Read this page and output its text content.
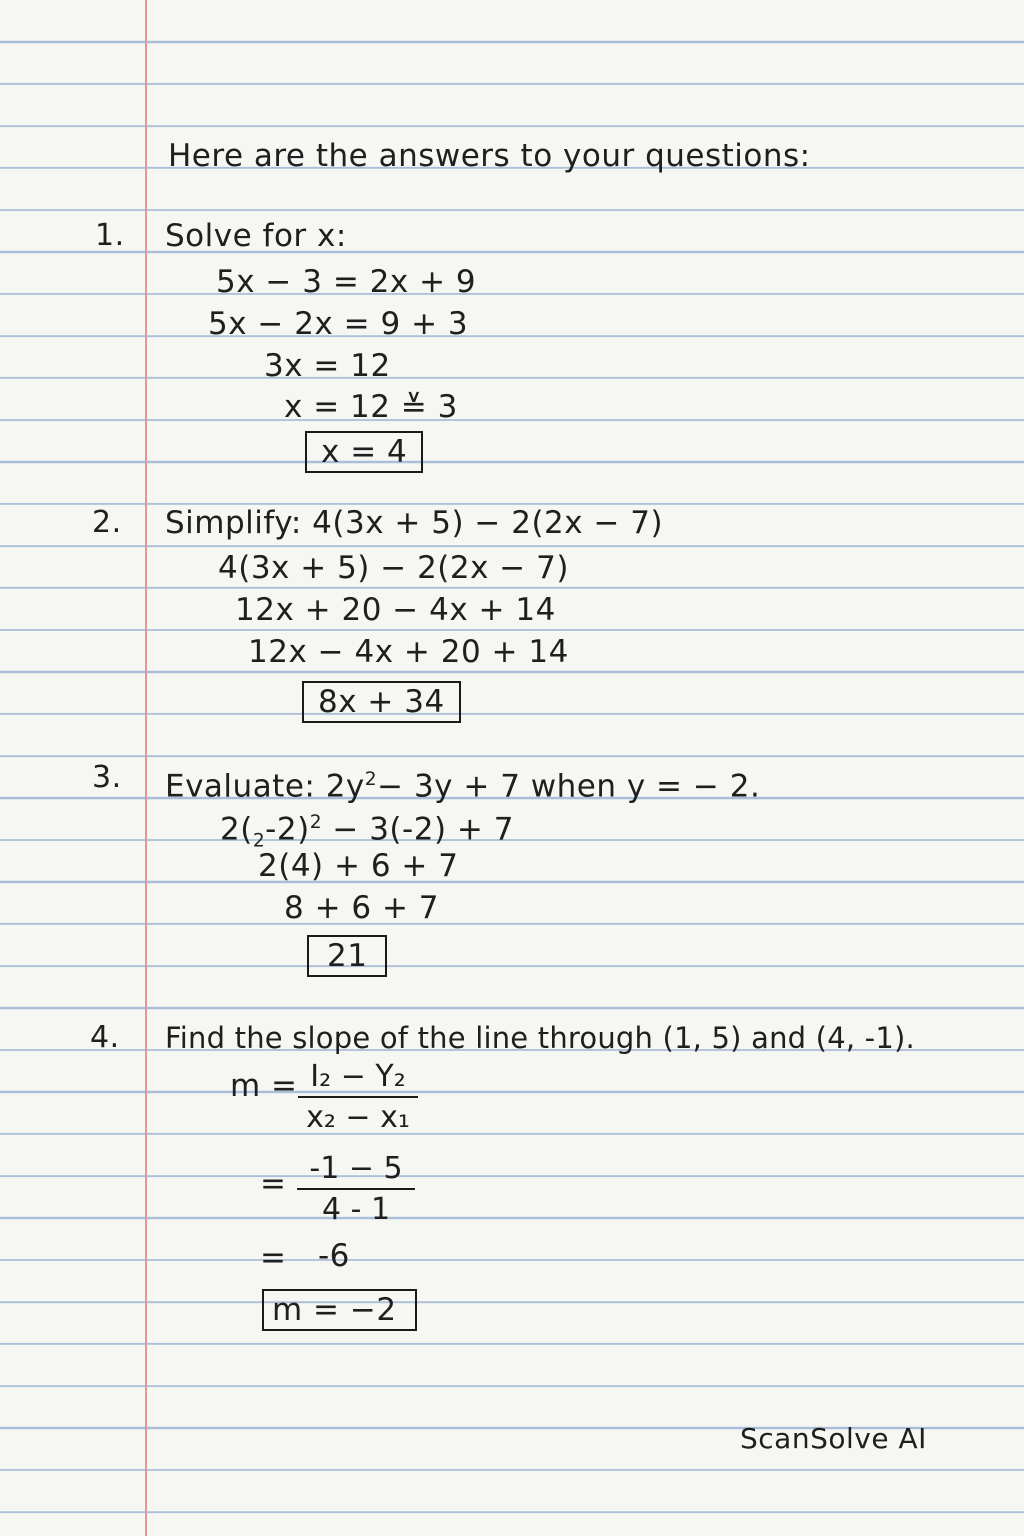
Here are the answers to your questions:
1. Solve for x:
5x − 3 = 2x + 9
5x − 2x = 9 + 3
3x = 12
x = 12 ≚ 3
x = 4
2. Simplify: 4(3x + 5) − 2(2x − 7)
4(3x + 5) − 2(2x − 7)
12x + 20 − 4x + 14
12x − 4x + 20 + 14
8x + 34
3. Evaluate: $2y^2- 3y + 7$ when y = − 2.
$2(_2-2)^2 - 3(-2) + 7$
2(4) + 6 + 7
8 + 6 + 7
21
4. Find the slope of the line through (1, 5) and (4, -1).
$m = \frac{\text{I₂ − Y₂}}{\text{x₂ − x₁}}$
= $\frac{-1 - 5}{4 - 1}$
= -6
m = −2
ScanSolve AI
